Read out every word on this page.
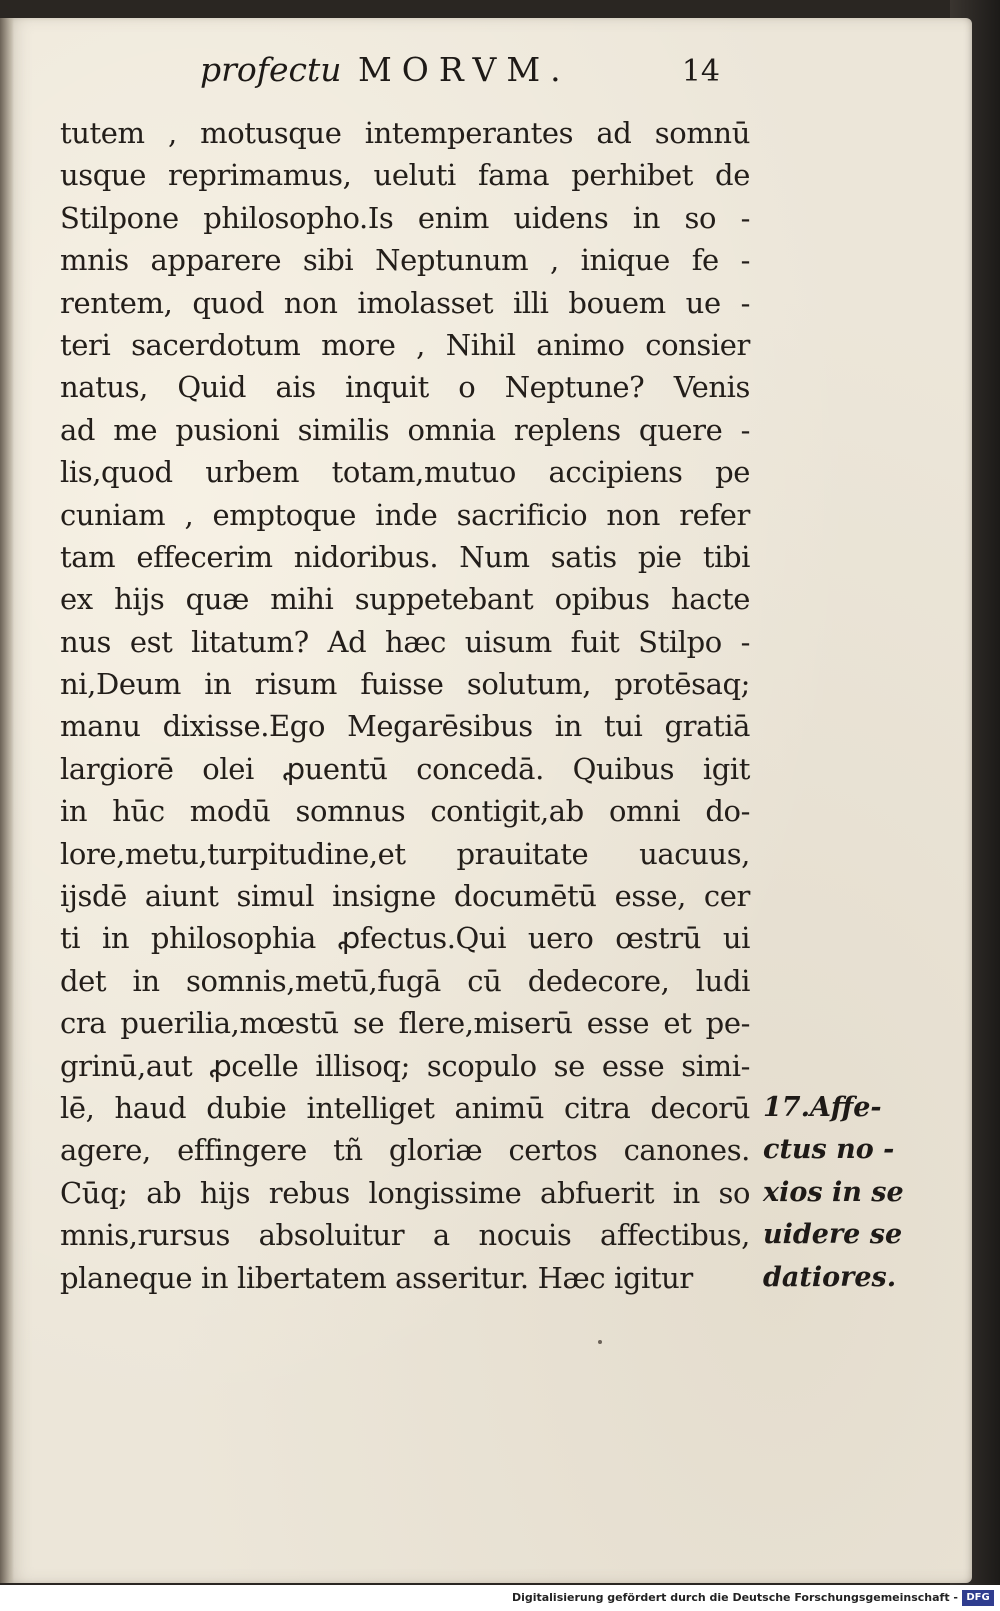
profectu MORVM.	14
tutem , motusque intemperantes ad somnū
usque reprimamus, ueluti fama perhibet de
Stilpone philosopho.Is enim uidens in so -
mnis apparere sibi Neptunum , inique fe -
rentem, quod non imolasset illi bouem ue -
teri sacerdotum more , Nihil animo consier
natus, Quid ais inquit o Neptune? Venis
ad me pusioni similis omnia replens quere -
lis,quod urbem totam,mutuo accipiens pe
cuniam , emptoque inde sacrificio non refer
tam effecerim nidoribus. Num satis pie tibi
ex hijs quæ mihi suppetebant opibus hacte
nus est litatum? Ad hæc uisum fuit Stilpo -
ni,Deum in risum fuisse solutum, protēsaq;
manu dixisse.Ego Megarēsibus in tui gratiā
largiorē olei ꝓuentū concedā. Quibus igit
in hūc modū somnus contigit,ab omni do-
lore,metu,turpitudine,et prauitate uacuus,
ijsdē aiunt simul insigne documētū esse, cer
ti in philosophia ꝓfectus.Qui uero œstrū ui
det in somnis,metū,fugā cū dedecore, ludi
cra puerilia,mœstū se flere,miserū esse et pe-
grinū,aut ꝓcelle illisoq; scopulo se esse simi-
lē, haud dubie intelliget animū citra decorū
agere, effingere tñ gloriæ certos canones.
Cūq; ab hijs rebus longissime abfuerit in so
mnis,rursus absoluitur a nocuis affectibus,
planeque in libertatem asseritur. Hæc igitur
17.Affe-
ctus no -
xios in se
uidere se
datiores.
Digitalisierung gefördert durch die Deutsche Forschungsgemeinschaft - DFG
